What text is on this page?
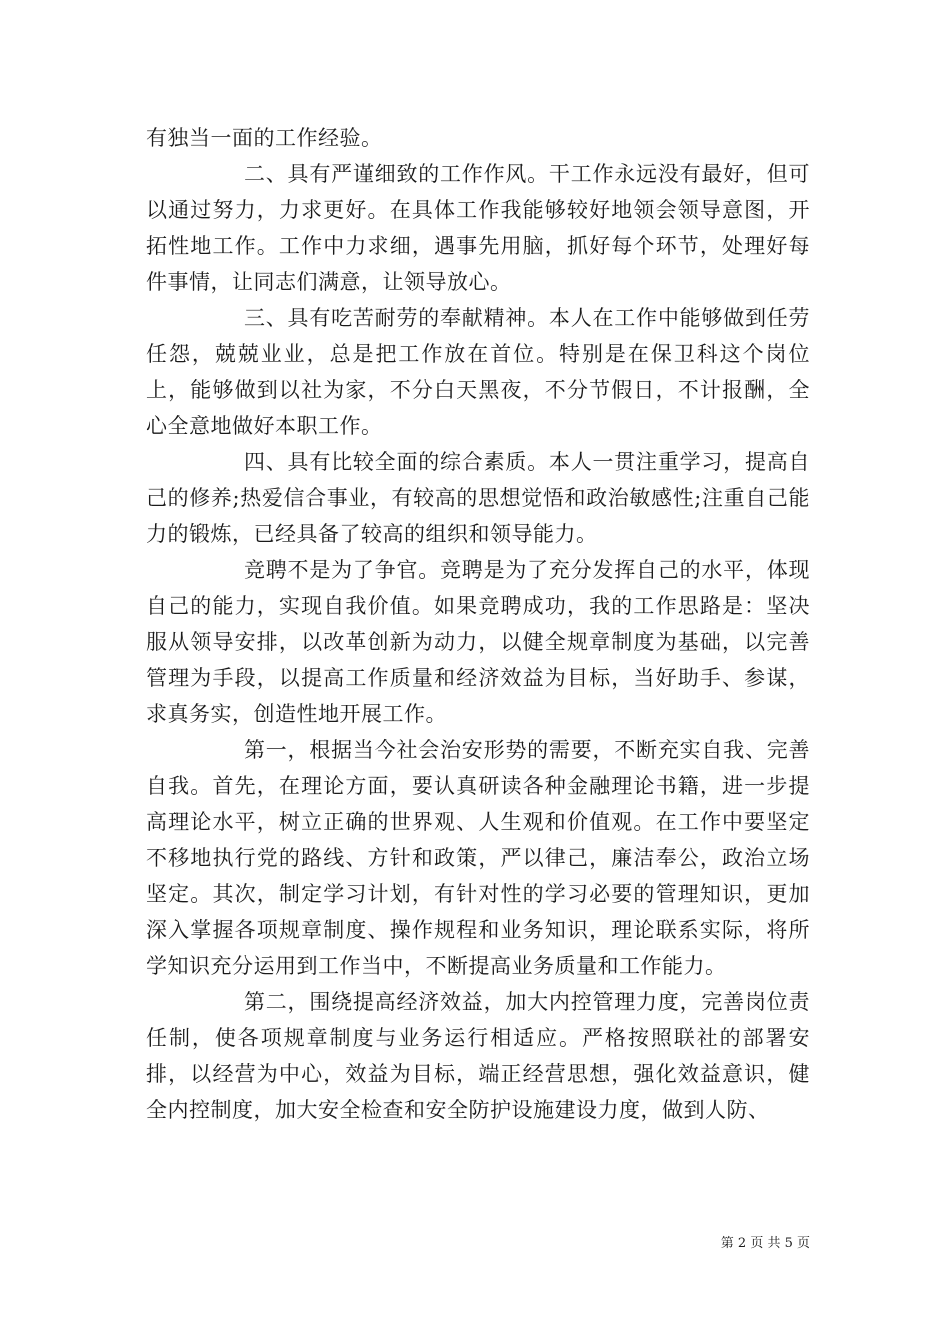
有独当一面的工作经验。

二、具有严谨细致的工作作风。干工作永远没有最好，但可以通过努力，力求更好。在具体工作我能够较好地领会领导意图，开拓性地工作。工作中力求细，遇事先用脑，抓好每个环节，处理好每件事情，让同志们满意，让领导放心。

三、具有吃苦耐劳的奉献精神。本人在工作中能够做到任劳任怨，兢兢业业，总是把工作放在首位。特别是在保卫科这个岗位上，能够做到以社为家，不分白天黑夜，不分节假日，不计报酬，全心全意地做好本职工作。

四、具有比较全面的综合素质。本人一贯注重学习，提高自己的修养;热爱信合事业，有较高的思想觉悟和政治敏感性;注重自己能力的锻炼，已经具备了较高的组织和领导能力。

竞聘不是为了争官。竞聘是为了充分发挥自己的水平，体现自己的能力，实现自我价值。如果竞聘成功，我的工作思路是：坚决服从领导安排，以改革创新为动力，以健全规章制度为基础，以完善管理为手段，以提高工作质量和经济效益为目标，当好助手、参谋，求真务实，创造性地开展工作。

第一，根据当今社会治安形势的需要，不断充实自我、完善自我。首先，在理论方面，要认真研读各种金融理论书籍，进一步提高理论水平，树立正确的世界观、人生观和价值观。在工作中要坚定不移地执行党的路线、方针和政策，严以律己，廉洁奉公，政治立场坚定。其次，制定学习计划，有针对性的学习必要的管理知识，更加深入掌握各项规章制度、操作规程和业务知识，理论联系实际，将所学知识充分运用到工作当中，不断提高业务质量和工作能力。

第二，围绕提高经济效益，加大内控管理力度，完善岗位责任制，使各项规章制度与业务运行相适应。严格按照联社的部署安排，以经营为中心，效益为目标，端正经营思想，强化效益意识，健全内控制度，加大安全检查和安全防护设施建设力度，做到人防、

第 2 页 共 5 页
